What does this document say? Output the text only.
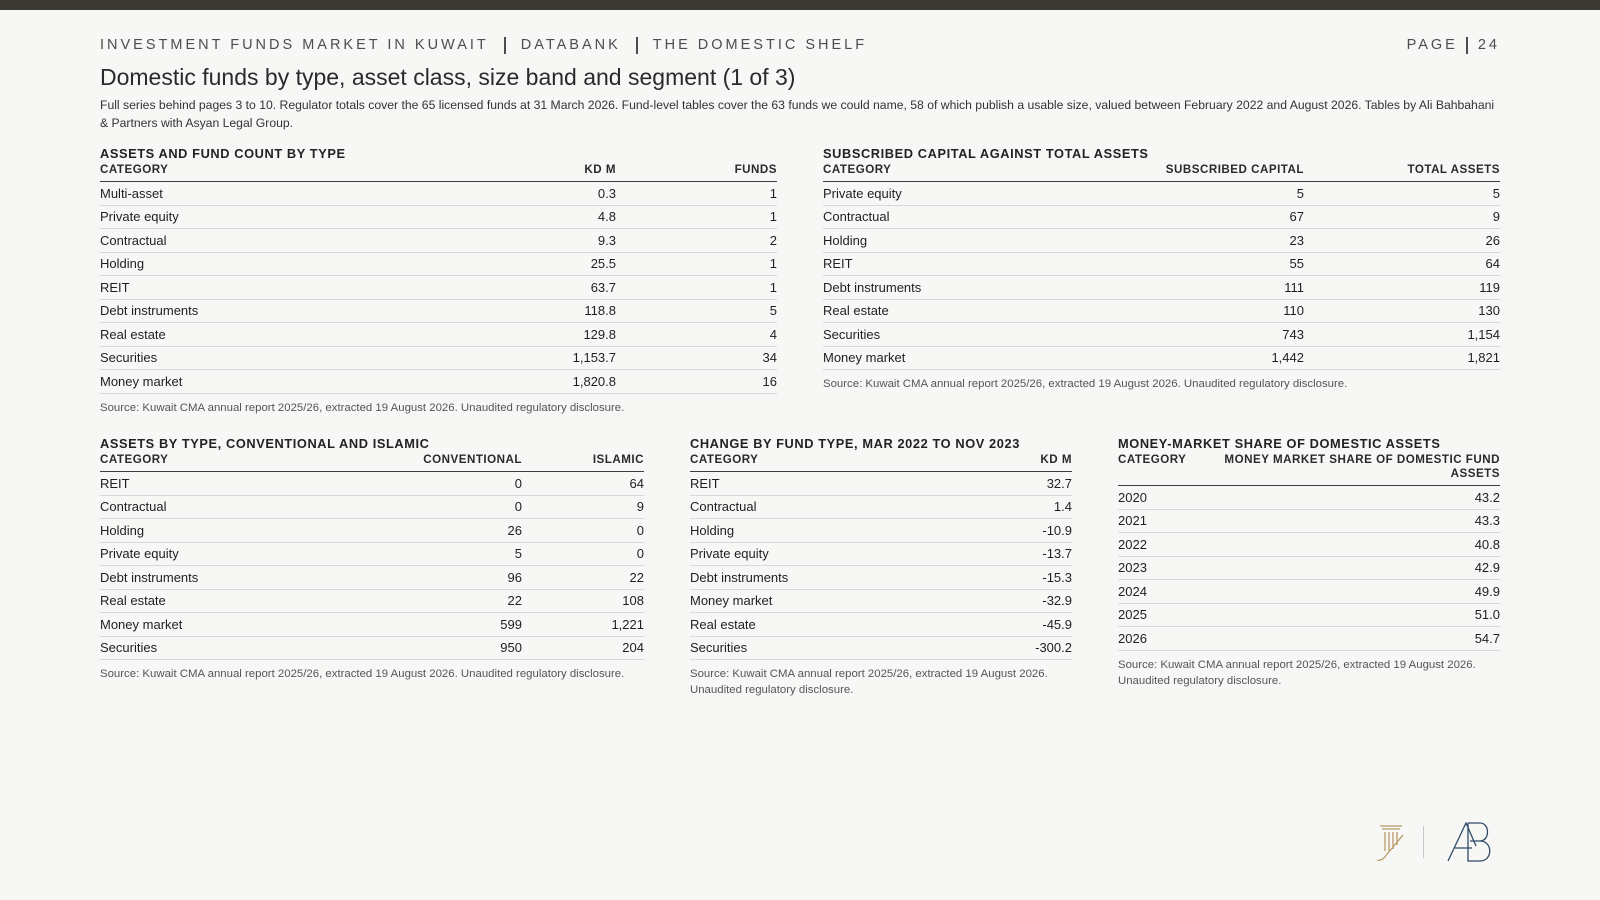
INVESTMENT FUNDS MARKET IN KUWAIT DATABANK THE DOMESTIC SHELF	PAGE 24
Domestic funds by type, asset class, size band and segment (1 of 3)

Full series behind pages 3 to 10. Regulator totals cover the 65 licensed funds at 31 March 2026. Fund-level tables cover the 63 funds we could name, 58 of which publish a usable size, valued between February 2022 and August 2026. Tables by Ali Bahbahani & Partners with Asyan Legal Group.

ASSETS AND FUND COUNT BY TYPE
CATEGORY	KD M	FUNDS
Multi-asset	0.3	1
Private equity	4.8	1
Contractual	9.3	2
Holding	25.5	1
REIT	63.7	1
Debt instruments	118.8	5
Real estate	129.8	4
Securities	1,153.7	34
Money market	1,820.8	16
Source: Kuwait CMA annual report 2025/26, extracted 19 August 2026. Unaudited regulatory disclosure.
SUBSCRIBED CAPITAL AGAINST TOTAL ASSETS
CATEGORY	SUBSCRIBED CAPITAL	TOTAL ASSETS
Private equity	5	5
Contractual	67	9
Holding	23	26
REIT	55	64
Debt instruments	111	119
Real estate	110	130
Securities	743	1,154
Money market	1,442	1,821
Source: Kuwait CMA annual report 2025/26, extracted 19 August 2026. Unaudited regulatory disclosure.
ASSETS BY TYPE, CONVENTIONAL AND ISLAMIC
CATEGORY	CONVENTIONAL	ISLAMIC
REIT	0	64
Contractual	0	9
Holding	26	0
Private equity	5	0
Debt instruments	96	22
Real estate	22	108
Money market	599	1,221
Securities	950	204
Source: Kuwait CMA annual report 2025/26, extracted 19 August 2026. Unaudited regulatory disclosure.
CHANGE BY FUND TYPE, MAR 2022 TO NOV 2023
CATEGORY	KD M
REIT	32.7
Contractual	1.4
Holding	-10.9
Private equity	-13.7
Debt instruments	-15.3
Money market	-32.9
Real estate	-45.9
Securities	-300.2
Source: Kuwait CMA annual report 2025/26, extracted 19 August 2026. Unaudited regulatory disclosure.
MONEY-MARKET SHARE OF DOMESTIC ASSETS
CATEGORY	MONEY MARKET SHARE OF DOMESTIC FUND ASSETS
2020	43.2
2021	43.3
2022	40.8
2023	42.9
2024	49.9
2025	51.0
2026	54.7
Source: Kuwait CMA annual report 2025/26, extracted 19 August 2026. Unaudited regulatory disclosure.
